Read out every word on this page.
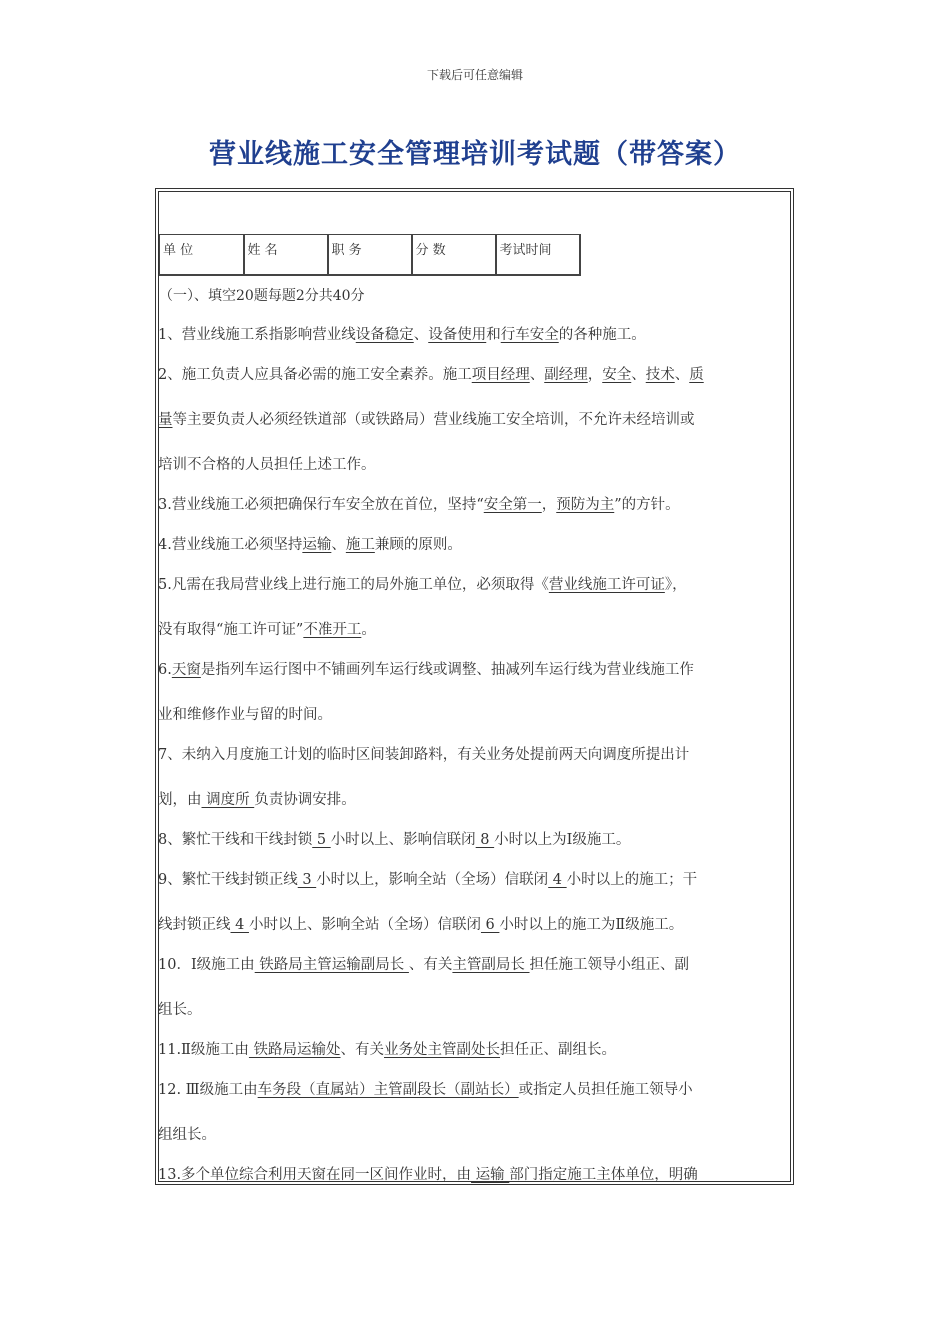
下载后可任意编辑
营业线施工安全管理培训考试题（带答案）
单 位	姓 名	职 务	分 数	考试时间
（一）、填空20题每题2分共40分
1、营业线施工系指影响营业线设备稳定、设备使用和行车安全的各种施工。
2、施工负责人应具备必需的施工安全素养。施工项目经理、副经理，安全、技术、质
量等主要负责人必须经铁道部（或铁路局）营业线施工安全培训，不允许未经培训或
培训不合格的人员担任上述工作。
3.营业线施工必须把确保行车安全放在首位，坚持“安全第一，预防为主”的方针。
4.营业线施工必须坚持运输、施工兼顾的原则。
5.凡需在我局营业线上进行施工的局外施工单位，必须取得《营业线施工许可证》，
没有取得“施工许可证”不准开工。
6.天窗是指列车运行图中不铺画列车运行线或调整、抽减列车运行线为营业线施工作
业和维修作业与留的时间。
7、未纳入月度施工计划的临时区间装卸路料，有关业务处提前两天向调度所提出计
划，由 调度所 负责协调安排。
8、繁忙干线和干线封锁 5 小时以上、影响信联闭 8 小时以上为Ⅰ级施工。
9、繁忙干线封锁正线 3 小时以上，影响全站（全场）信联闭 4 小时以上的施工；干
线封锁正线 4 小时以上、影响全站（全场）信联闭 6 小时以上的施工为Ⅱ级施工。
10．Ⅰ级施工由 铁路局主管运输副局长 、有关主管副局长 担任施工领导小组正、副
组长。
11.Ⅱ级施工由 铁路局运输处、有关业务处主管副处长担任正、副组长。
12. Ⅲ级施工由车务段（直属站）主管副段长（副站长）或指定人员担任施工领导小
组组长。
13.多个单位综合利用天窗在同一区间作业时，由 运输 部门指定施工主体单位，明确
